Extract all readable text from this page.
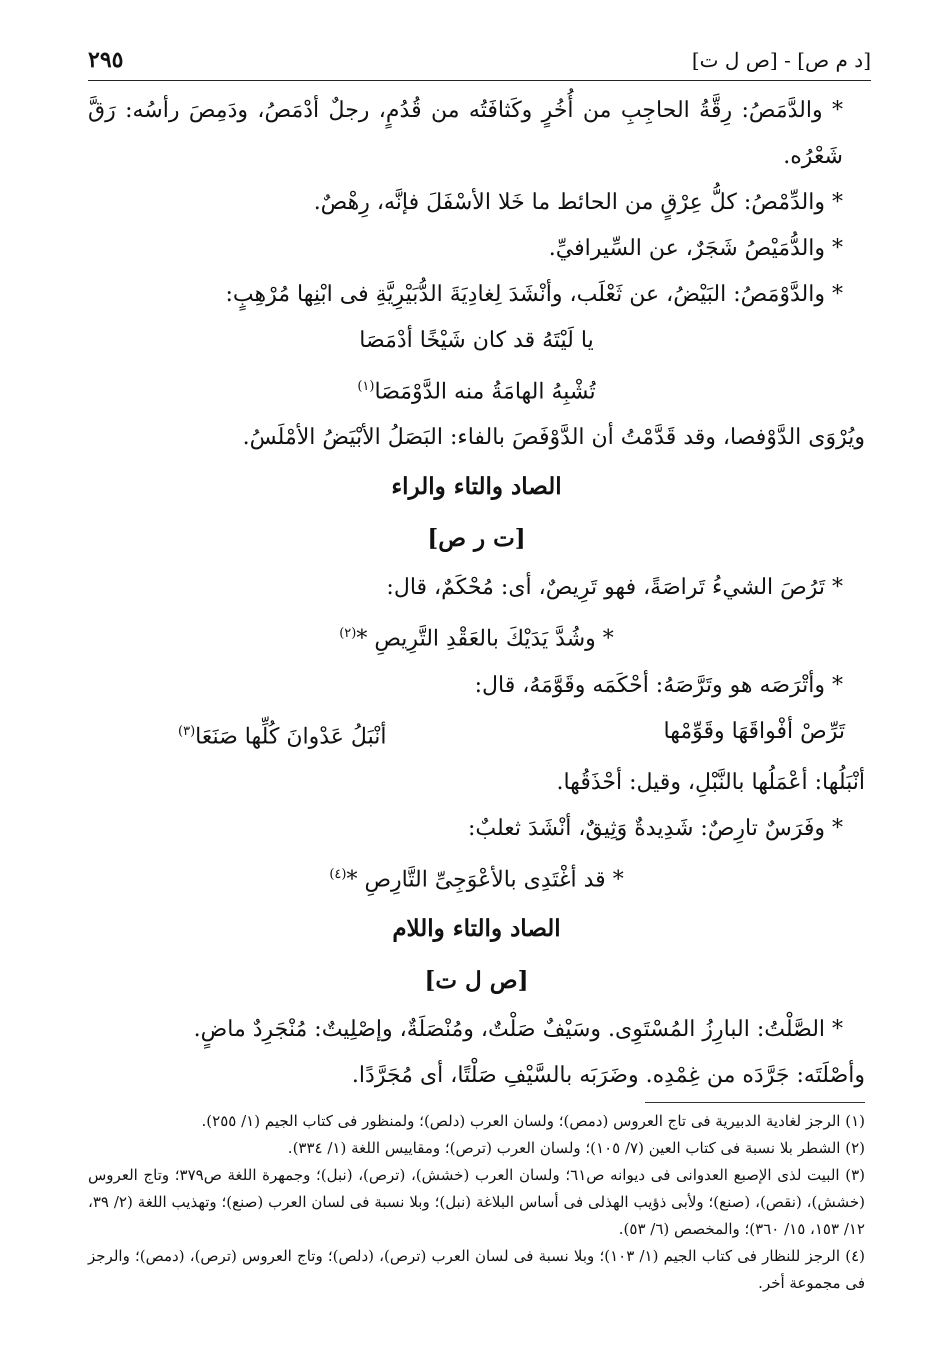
[د م ص] - [ص ل ت]
٢٩٥

* والدَّمَصُ: رِقَّةُ الحاجِبِ من أُخُرٍ وكَثافَتُه من قُدُمٍ، رجلٌ أدْمَصُ، ودَمِصَ رأسُه: رَقَّ شَعْرُه.

* والدِّمْصُ: كلُّ عِرْقٍ من الحائط ما خَلا الأسْفَلَ فإنَّه، رِهْصٌ.

* والدُّمَيْصُ شَجَرٌ، عن السِّيرافيِّ.

* والدَّوْمَصُ: البَيْضُ، عن ثَعْلَب، وأنْشَدَ لِغادِيَةَ الدُّبَيْرِيَّةِ فى ابْنِها مُرْهِبٍ:

يا لَيْتَهُ قد كان شَيْخًا أدْمَصَا

تُشْبِهُ الهامَةُ منه الدَّوْمَصَا$^{(١)}$

ويُرْوَى الدَّوْفصا، وقد قَدَّمْتُ أن الدَّوْفَصَ بالفاء: البَصَلُ الأبْيَضُ الأمْلَسُ.

الصاد والتاء والراء

[ت ر ص]

* تَرُصَ الشيءُ تَراصَةً، فهو تَرِيصٌ، أى: مُحْكَمٌ، قال:

* وشُدَّ يَدَيْكَ بالعَقْدِ التَّرِيصِ *$^{(٢)}$

* وأتْرَصَه هو وتَرَّصَهُ: أحْكَمَه وقَوَّمَهُ، قال:

تَرِّصْ أفْواقَهَا وقَوِّمْها
أنْبَلُ عَدْوانَ كُلِّها صَنَعَا$^{(٣)}$

أنْبَلُها: أعْمَلُها بالنَّبْلِ، وقيل: أحْذَقُها.

* وفَرَسٌ تارِصٌ: شَدِيدةٌ وَثِيقٌ، أنْشَدَ ثعلبٌ:

* قد أغْتَدِى بالأعْوَجِىِّ التَّارِصِ *$^{(٤)}$

الصاد والتاء واللام

[ص ل ت]

* الصَّلْتُ: البارِزُ المُسْتَوِى. وسَيْفٌ صَلْتٌ، ومُنْصَلَةٌ، وإصْلِيتٌ: مُنْجَرِدٌ ماضٍ.

وأصْلَتَه: جَرَّدَه من غِمْدِه. وضَرَبَه بالسَّيْفِ صَلْتًا، أى مُجَرَّدًا.

(١) الرجز لغادية الدبيرية فى تاج العروس (دمص)؛ ولسان العرب (دلص)؛ ولمنظور فى كتاب الجيم (١/ ٢٥٥).

(٢) الشطر بلا نسبة فى كتاب العين (٧/ ١٠٥)؛ ولسان العرب (ترص)؛ ومقاييس اللغة (١/ ٣٣٤).

(٣) البيت لذى الإصبع العدوانى فى ديوانه ص٦١؛ ولسان العرب (خشش)، (ترص)، (نبل)؛ وجمهرة اللغة ص٣٧٩؛ وتاج العروس (خشش)، (نقص)، (صنع)؛ ولأبى ذؤيب الهذلى فى أساس البلاغة (نبل)؛ وبلا نسبة فى لسان العرب (صنع)؛ وتهذيب اللغة (٢/ ٣٩، ١٢/ ١٥٣، ١٥/ ٣٦٠)؛ والمخصص (٦/ ٥٣).

(٤) الرجز للنظار فى كتاب الجيم (١/ ١٠٣)؛ وبلا نسبة فى لسان العرب (ترص)، (دلص)؛ وتاج العروس (ترص)، (دمص)؛ والرجز فى مجموعة أخر.
